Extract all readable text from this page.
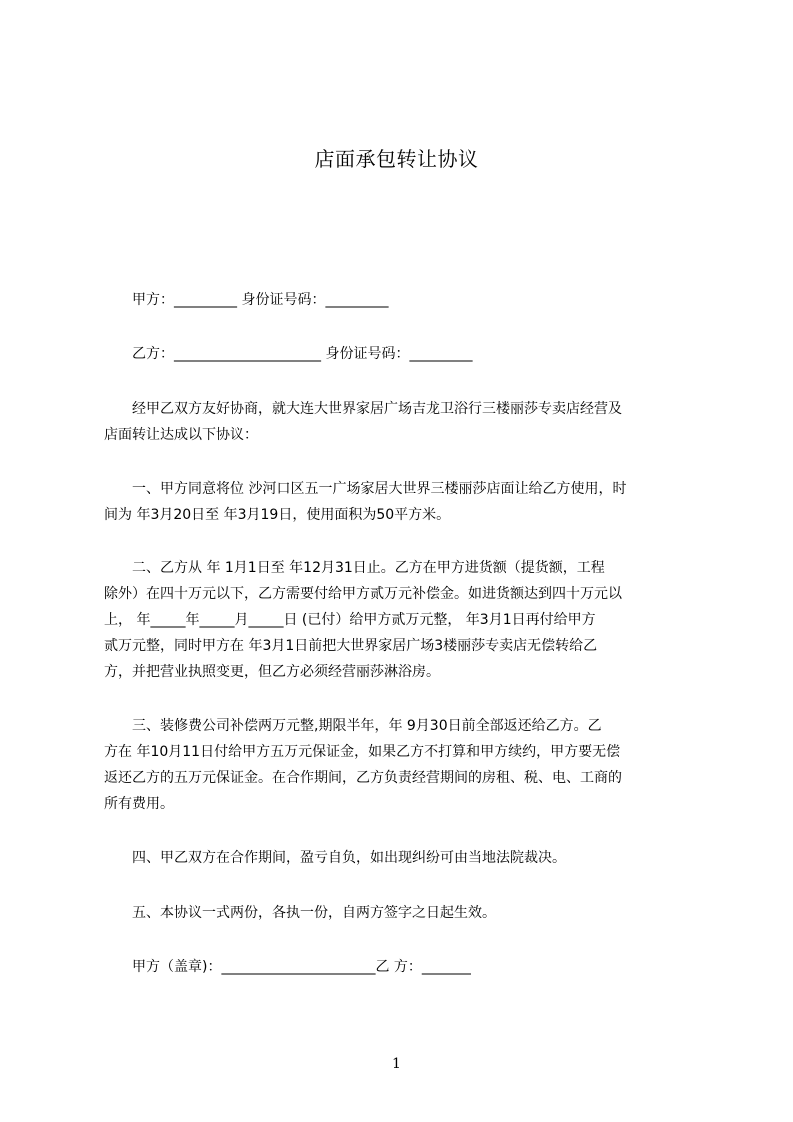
店面承包转让协议
　　甲方：_________ 身份证号码：_________
　　乙方：_____________________ 身份证号码：_________
　　经甲乙双方友好协商，就大连大世界家居广场吉龙卫浴行三楼丽莎专卖店经营及
店面转让达成以下协议：
　　一、甲方同意将位 沙河口区五一广场家居大世界三楼丽莎店面让给乙方使用，时
间为 年3月20日至 年3月19日，使用面积为50平方米。
　　二、乙方从 年 1月1日至 年12月31日止。乙方在甲方进货额（提货额，工程
除外）在四十万元以下，乙方需要付给甲方贰万元补偿金。如进货额达到四十万元以
上， 年_____年_____月_____日 (已付）给甲方贰万元整， 年3月1日再付给甲方
贰万元整，同时甲方在 年3月1日前把大世界家居广场3楼丽莎专卖店无偿转给乙
方，并把营业执照变更，但乙方必须经营丽莎淋浴房。
　　三、装修费公司补偿两万元整,期限半年，年 9月30日前全部返还给乙方。乙
方在 年10月11日付给甲方五万元保证金，如果乙方不打算和甲方续约，甲方要无偿
返还乙方的五万元保证金。在合作期间，乙方负责经营期间的房租、税、电、工商的
所有费用。
　　四、甲乙双方在合作期间，盈亏自负，如出现纠纷可由当地法院裁决。
　　五、本协议一式两份，各执一份，自两方签字之日起生效。
　　甲方（盖章)：______________________乙 方：_______
1
